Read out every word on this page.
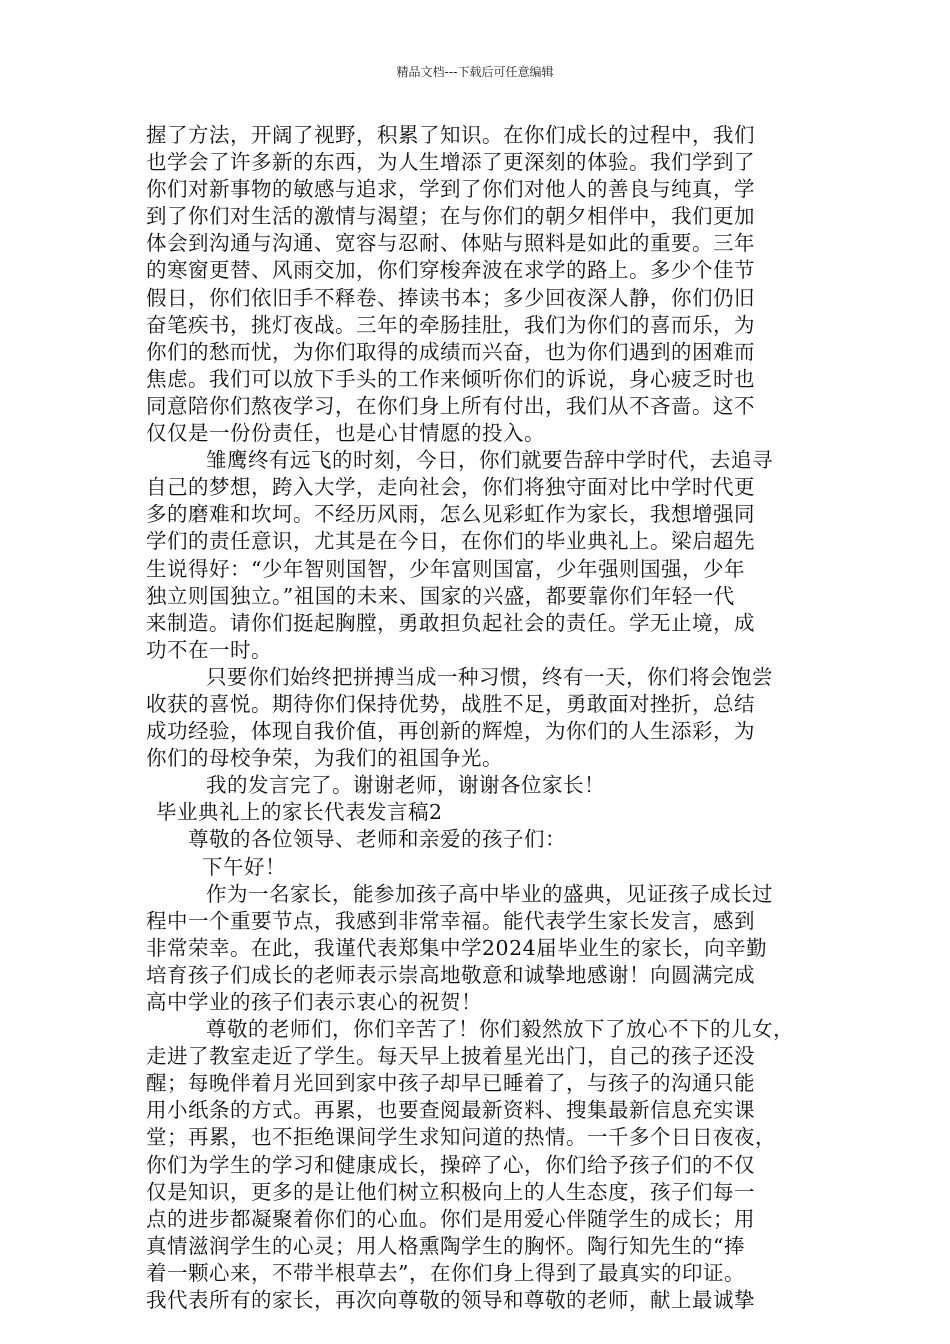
精品文档---下载后可任意编辑
握了方法，开阔了视野，积累了知识。在你们成长的过程中，我们
也学会了许多新的东西，为人生增添了更深刻的体验。我们学到了
你们对新事物的敏感与追求，学到了你们对他人的善良与纯真，学
到了你们对生活的激情与渴望；在与你们的朝夕相伴中，我们更加
体会到沟通与沟通、宽容与忍耐、体贴与照料是如此的重要。三年
的寒窗更替、风雨交加，你们穿梭奔波在求学的路上。多少个佳节
假日，你们依旧手不释卷、捧读书本；多少回夜深人静，你们仍旧
奋笔疾书，挑灯夜战。三年的牵肠挂肚，我们为你们的喜而乐，为
你们的愁而忧，为你们取得的成绩而兴奋，也为你们遇到的困难而
焦虑。我们可以放下手头的工作来倾听你们的诉说，身心疲乏时也
同意陪你们熬夜学习，在你们身上所有付出，我们从不吝啬。这不
仅仅是一份份责任，也是心甘情愿的投入。
雏鹰终有远飞的时刻，今日，你们就要告辞中学时代，去追寻
自己的梦想，跨入大学，走向社会，你们将独守面对比中学时代更
多的磨难和坎坷。不经历风雨，怎么见彩虹作为家长，我想增强同
学们的责任意识，尤其是在今日，在你们的毕业典礼上。梁启超先
生说得好：“少年智则国智，少年富则国富，少年强则国强，少年
独立则国独立。”祖国的未来、国家的兴盛，都要靠你们年轻一代
来制造。请你们挺起胸膛，勇敢担负起社会的责任。学无止境，成
功不在一时。
只要你们始终把拼搏当成一种习惯，终有一天，你们将会饱尝
收获的喜悦。期待你们保持优势，战胜不足，勇敢面对挫折，总结
成功经验，体现自我价值，再创新的辉煌，为你们的人生添彩，为
你们的母校争荣，为我们的祖国争光。
我的发言完了。谢谢老师，谢谢各位家长！
毕业典礼上的家长代表发言稿2
尊敬的各位领导、老师和亲爱的孩子们：
下午好！
作为一名家长，能参加孩子高中毕业的盛典，见证孩子成长过
程中一个重要节点，我感到非常幸福。能代表学生家长发言，感到
非常荣幸。在此，我谨代表郑集中学2024届毕业生的家长，向辛勤
培育孩子们成长的老师表示崇高地敬意和诚挚地感谢！向圆满完成
高中学业的孩子们表示衷心的祝贺！
尊敬的老师们，你们辛苦了！你们毅然放下了放心不下的儿女，
走进了教室走近了学生。每天早上披着星光出门，自己的孩子还没
醒；每晚伴着月光回到家中孩子却早已睡着了，与孩子的沟通只能
用小纸条的方式。再累，也要查阅最新资料、搜集最新信息充实课
堂；再累，也不拒绝课间学生求知问道的热情。一千多个日日夜夜，
你们为学生的学习和健康成长，操碎了心，你们给予孩子们的不仅
仅是知识，更多的是让他们树立积极向上的人生态度，孩子们每一
点的进步都凝聚着你们的心血。你们是用爱心伴随学生的成长；用
真情滋润学生的心灵；用人格熏陶学生的胸怀。陶行知先生的“捧
着一颗心来，不带半根草去”，在你们身上得到了最真实的印证。
我代表所有的家长，再次向尊敬的领导和尊敬的老师，献上最诚挚
